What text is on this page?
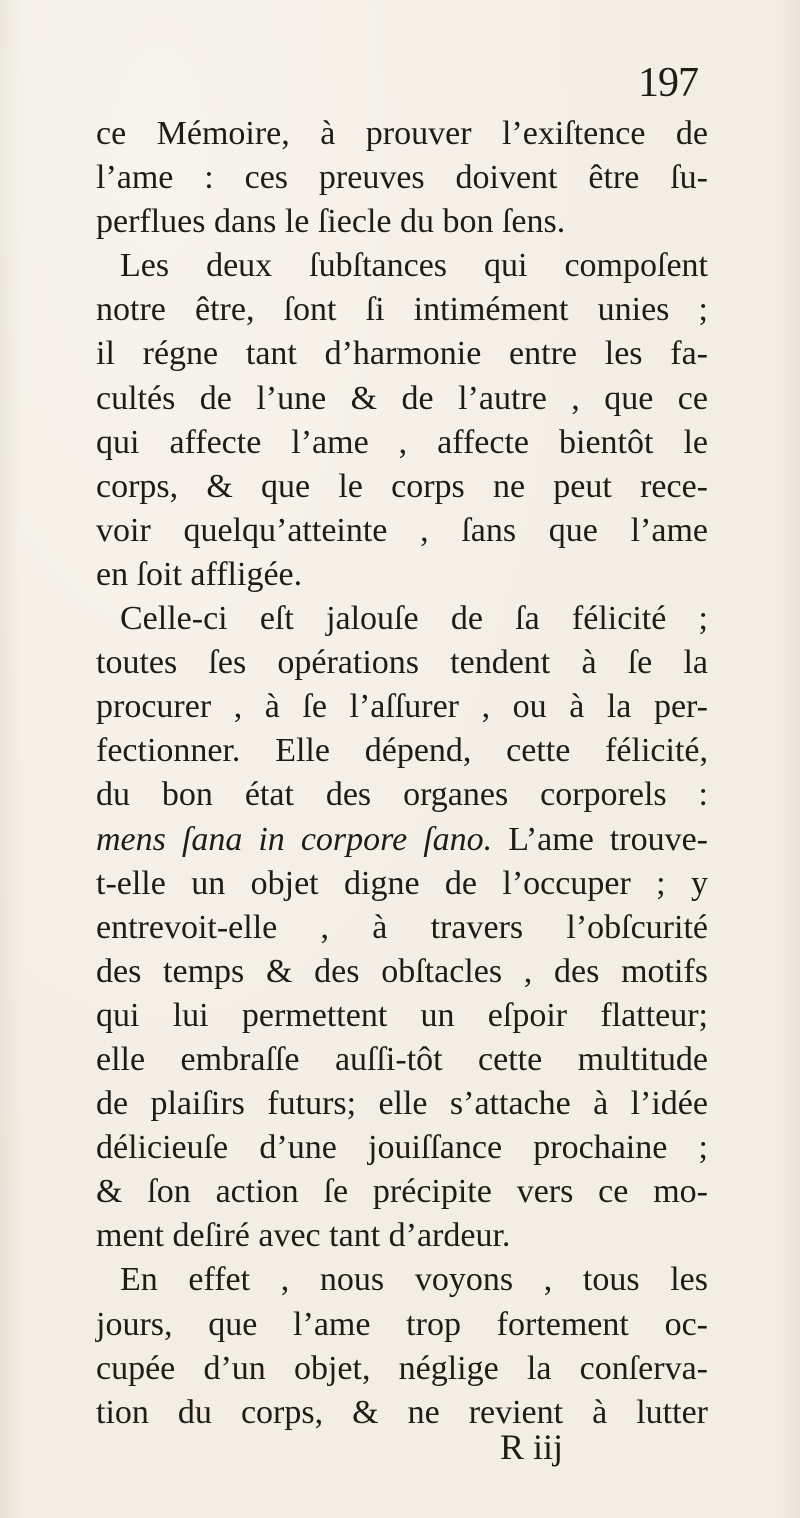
197
ce Mémoire, à prouver l’exiſtence de
l’ame : ces preuves doivent être ſu-
perflues dans le ſiecle du bon ſens.
Les deux ſubſtances qui compoſent
notre être, ſont ſi intimément unies ;
il régne tant d’harmonie entre les fa-
cultés de l’une & de l’autre , que ce
qui affecte l’ame , affecte bientôt le
corps, & que le corps ne peut rece-
voir quelqu’atteinte , ſans que l’ame
en ſoit affligée.
Celle-ci eſt jalouſe de ſa félicité ;
toutes ſes opérations tendent à ſe la
procurer , à ſe l’aſſurer , ou à la per-
fectionner. Elle dépend, cette félicité,
du bon état des organes corporels :
mens ſana in corpore ſano. L’ame trouve-
t-elle un objet digne de l’occuper ; y
entrevoit-elle , à travers l’obſcurité
des temps & des obſtacles , des motifs
qui lui permettent un eſpoir flatteur;
elle embraſſe auſſi-tôt cette multitude
de plaiſirs futurs; elle s’attache à l’idée
délicieuſe d’une jouiſſance prochaine ;
& ſon action ſe précipite vers ce mo-
ment deſiré avec tant d’ardeur.
En effet , nous voyons , tous les
jours, que l’ame trop fortement oc-
cupée d’un objet, néglige la conſerva-
tion du corps, & ne revient à lutter
R iij
